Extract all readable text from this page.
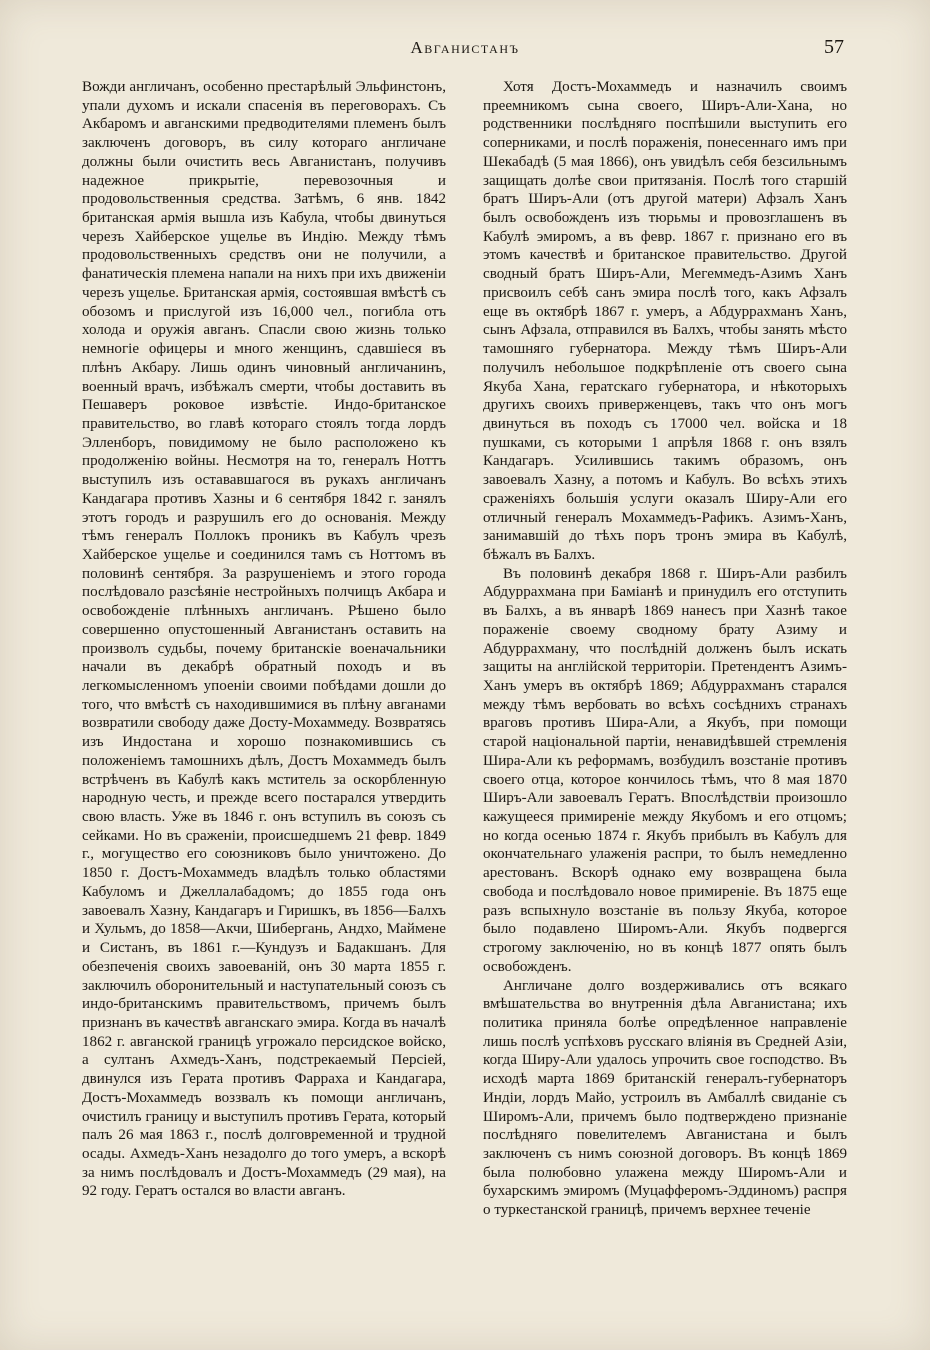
Авганистанъ	57

Вожди англичанъ, особенно престарѣлый Эльфинстонъ, упали духомъ и искали спасенія въ переговорахъ. Съ Акбаромъ и авганскими предводителями племенъ былъ заключенъ договоръ, въ силу котораго англичане должны были очистить весь Авганистанъ, получивъ надежное прикрытіе, перевозочныя и продовольственныя средства. Затѣмъ, 6 янв. 1842 британская армія вышла изъ Кабула, чтобы двинуться черезъ Хайберское ущелье въ Индію. Между тѣмъ продовольственныхъ средствъ они не получили, а фанатическія племена напали на нихъ при ихъ движеніи черезъ ущелье. Британская армія, состоявшая вмѣстѣ съ обозомъ и прислугой изъ 16,000 чел., погибла отъ холода и оружія авганъ. Спасли свою жизнь только немногіе офицеры и много женщинъ, сдавшіеся въ плѣнъ Акбару. Лишь одинъ чиновный англичанинъ, военный врачъ, избѣжалъ смерти, чтобы доставить въ Пешаверъ роковое извѣстіе. Индо-британское правительство, во главѣ котораго стоялъ тогда лордъ Элленборъ, повидимому не было расположено къ продолженію войны. Несмотря на то, генералъ Ноттъ выступилъ изъ остававшагося въ рукахъ англичанъ Кандагара противъ Хазны и 6 сентября 1842 г. занялъ этотъ городъ и разрушилъ его до основанія. Между тѣмъ генералъ Поллокъ проникъ въ Кабулъ чрезъ Хайберское ущелье и соединился тамъ съ Ноттомъ въ половинѣ сентября. За разрушеніемъ и этого города послѣдовало разсѣяніе нестройныхъ полчищъ Акбара и освобожденіе плѣнныхъ англичанъ. Рѣшено было совершенно опустошенный Авганистанъ оставить на произволъ судьбы, почему британскіе военачальники начали въ декабрѣ обратный походъ и въ легкомысленномъ упоеніи своими побѣдами дошли до того, что вмѣстѣ съ находившимися въ плѣну авганами возвратили свободу даже Досту-Мохаммеду. Возвратясь изъ Индостана и хорошо познакомившись съ положеніемъ тамошнихъ дѣлъ, Достъ Мохаммедъ былъ встрѣченъ въ Кабулѣ какъ мститель за оскорбленную народную честь, и прежде всего постарался утвердить свою власть. Уже въ 1846 г. онъ вступилъ въ союзъ съ сейками. Но въ сраженіи, происшедшемъ 21 февр. 1849 г., могущество его союзниковъ было уничтожено. До 1850 г. Достъ-Мохаммедъ владѣлъ только областями Кабуломъ и Джеллалабадомъ; до 1855 года онъ завоевалъ Хазну, Кандагаръ и Гиришкъ, въ 1856—Балхъ и Хульмъ, до 1858—Акчи, Шибергань, Андхо, Маймене и Систанъ, въ 1861 г.—Кундузъ и Бадакшанъ. Для обезпеченія своихъ завоеваній, онъ 30 марта 1855 г. заключилъ оборонительный и наступательный союзъ съ индо-британскимъ правительствомъ, причемъ былъ признанъ въ качествѣ авганскаго эмира. Когда въ началѣ 1862 г. авганской границѣ угрожало персидское войско, а султанъ Ахмедъ-Ханъ, подстрекаемый Персіей, двинулся изъ Герата противъ Фарраха и Кандагара, Достъ-Мохаммедъ воззвалъ къ помощи англичанъ, очистилъ границу и выступилъ противъ Герата, который палъ 26 мая 1863 г., послѣ долговременной и трудной осады. Ахмедъ-Ханъ незадолго до того умеръ, а вскорѣ за нимъ послѣдовалъ и Достъ-Мохаммедъ (29 мая), на 92 году. Гератъ остался во власти авганъ.

Хотя Достъ-Мохаммедъ и назначилъ своимъ преемникомъ сына своего, Ширъ-Али-Хана, но родственники послѣдняго поспѣшили выступить его соперниками, и послѣ пораженія, понесеннаго имъ при Шекабадѣ (5 мая 1866), онъ увидѣлъ себя безсильнымъ защищать долѣе свои притязанія. Послѣ того старшій братъ Ширъ-Али (отъ другой матери) Афзалъ Ханъ былъ освобожденъ изъ тюрьмы и провозглашенъ въ Кабулѣ эмиромъ, а въ февр. 1867 г. признано его въ этомъ качествѣ и британское правительство. Другой сводный братъ Ширъ-Али, Мегеммедъ-Азимъ Ханъ присвоилъ себѣ санъ эмира послѣ того, какъ Афзалъ еще въ октябрѣ 1867 г. умеръ, а Абдуррахманъ Ханъ, сынъ Афзала, отправился въ Балхъ, чтобы занять мѣсто тамошняго губернатора. Между тѣмъ Ширъ-Али получилъ небольшое подкрѣпленіе отъ своего сына Якуба Хана, гератскаго губернатора, и нѣкоторыхъ другихъ своихъ приверженцевъ, такъ что онъ могъ двинуться въ походъ съ 17000 чел. войска и 18 пушками, съ которыми 1 апрѣля 1868 г. онъ взялъ Кандагаръ. Усилившись такимъ образомъ, онъ завоевалъ Хазну, а потомъ и Кабулъ. Во всѣхъ этихъ сраженіяхъ большія услуги оказалъ Ширу-Али его отличный генералъ Мохаммедъ-Рафикъ. Азимъ-Ханъ, занимавшій до тѣхъ поръ тронъ эмира въ Кабулѣ, бѣжалъ въ Балхъ.

Въ половинѣ декабря 1868 г. Ширъ-Али разбилъ Абдуррахмана при Баміанѣ и принудилъ его отступить въ Балхъ, а въ январѣ 1869 нанесъ при Хазнѣ такое пораженіе своему сводному брату Азиму и Абдуррахману, что послѣдній долженъ былъ искать защиты на англійской территоріи. Претендентъ Азимъ-Ханъ умеръ въ октябрѣ 1869; Абдуррахманъ старался между тѣмъ вербовать во всѣхъ сосѣднихъ странахъ враговъ противъ Шира-Али, а Якубъ, при помощи старой національной партіи, ненавидѣвшей стремленія Шира-Али къ реформамъ, возбудилъ возстаніе противъ своего отца, которое кончилось тѣмъ, что 8 мая 1870 Ширъ-Али завоевалъ Гератъ. Впослѣдствіи произошло кажущееся примиреніе между Якубомъ и его отцомъ; но когда осенью 1874 г. Якубъ прибылъ въ Кабулъ для окончательнаго улаженія распри, то былъ немедленно арестованъ. Вскорѣ однако ему возвращена была свобода и послѣдовало новое примиреніе. Въ 1875 еще разъ вспыхнуло возстаніе въ пользу Якуба, которое было подавлено Широмъ-Али. Якубъ подвергся строгому заключенію, но въ концѣ 1877 опять былъ освобожденъ.

Англичане долго воздерживались отъ всякаго вмѣшательства во внутреннія дѣла Авганистана; ихъ политика приняла болѣе опредѣленное направленіе лишь послѣ успѣховъ русскаго вліянія въ Средней Азіи, когда Ширу-Али удалось упрочить свое господство. Въ исходѣ марта 1869 британскій генералъ-губернаторъ Индіи, лордъ Майо, устроилъ въ Амбаллѣ свиданіе съ Широмъ-Али, причемъ было подтверждено признаніе послѣдняго повелителемъ Авганистана и былъ заключенъ съ нимъ союзной договоръ. Въ концѣ 1869 была полюбовно улажена между Широмъ-Али и бухарскимъ эмиромъ (Муцафферомъ-Эддиномъ) распря о туркестанской границѣ, причемъ верхнее теченіе
